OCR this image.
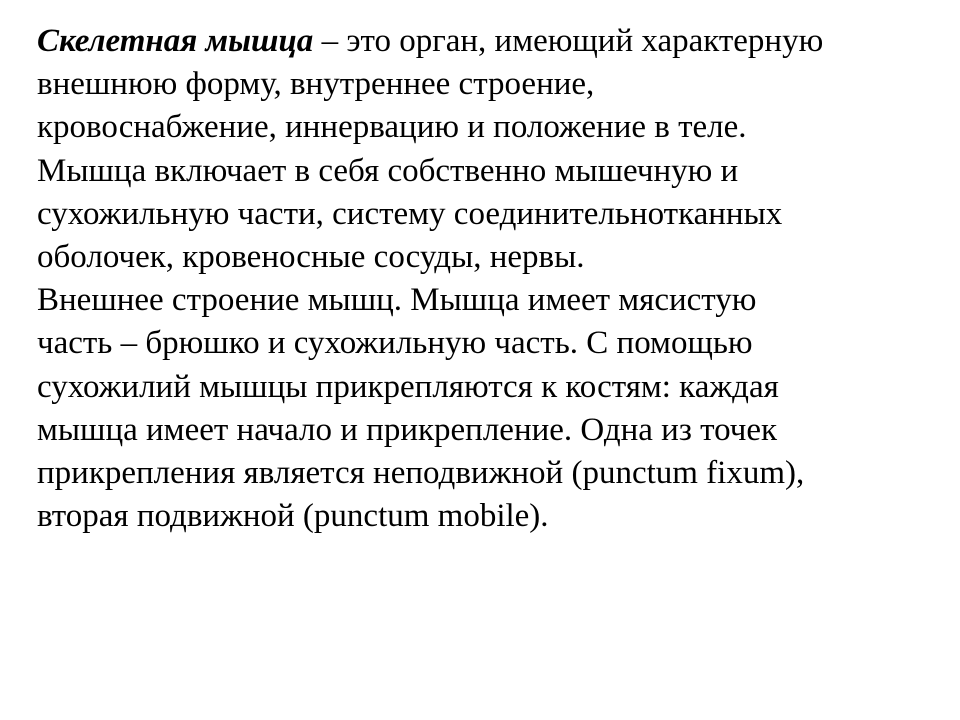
Скелетная мышца – это орган, имеющий характерную
внешнюю форму, внутреннее строение,
кровоснабжение, иннервацию и положение в теле.
Мышца включает в себя собственно мышечную и
сухожильную части, систему соединительнотканных
оболочек, кровеносные сосуды, нервы.
Внешнее строение мышц. Мышца имеет мясистую
часть – брюшко и сухожильную часть. С помощью
сухожилий мышцы прикрепляются к костям: каждая
мышца имеет начало и прикрепление. Одна из точек
прикрепления является неподвижной (punctum fixum),
вторая подвижной (punctum mobile).
